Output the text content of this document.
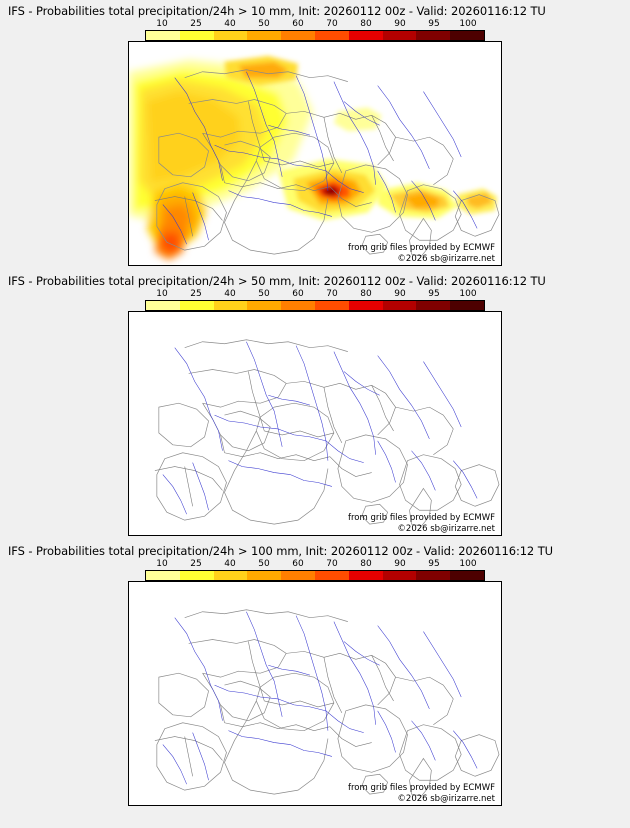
IFS - Probabilities total precipitation/24h > 10 mm, Init: 20260112 00z - Valid: 20260116:12 TU
10	25	40	50	60	70	80	90	95 100
from grib files provided by ECMWF
©2026 sb@irizarre.net
IFS - Probabilities total precipitation/24h > 50 mm, Init: 20260112 00z - Valid: 20260116:12 TU
10	25	40	50	60	70	80	90	95 100
from grib files provided by ECMWF
©2026 sb@irizarre.net
IFS - Probabilities total precipitation/24h > 100 mm, Init: 20260112 00z - Valid: 20260116:12 TU
10	25	40	50	60	70	80	90	95 100
from grib files provided by ECMWF
©2026 sb@irizarre.net
